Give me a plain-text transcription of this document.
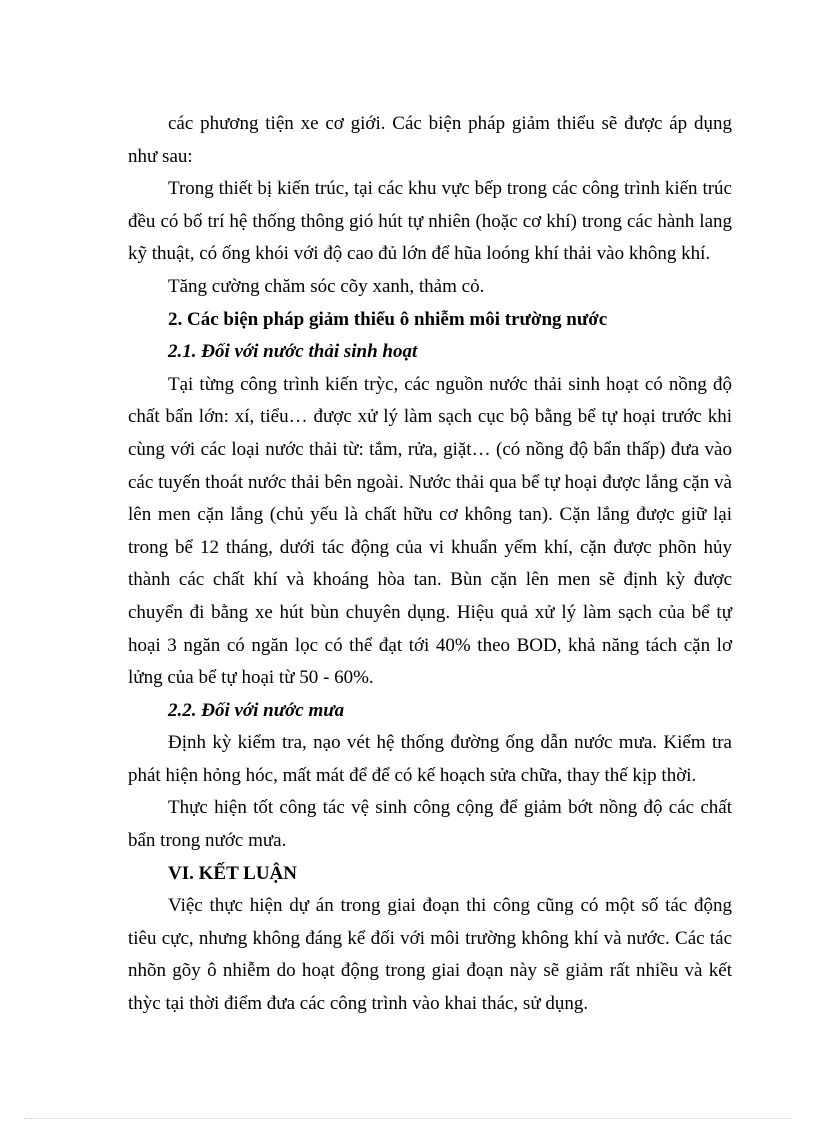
các phương tiện xe cơ giới. Các biện pháp giảm thiểu sẽ được áp dụng như sau:

Trong thiết bị kiến trúc, tại các khu vực bếp trong các công trình kiến trúc đều có bố trí hệ thống thông gió hút tự nhiên (hoặc cơ khí) trong các hành lang kỹ thuật, có ống khói với độ cao đủ lớn để hũa loóng khí thải vào không khí.

Tăng cường chăm sóc cõy xanh, thảm cỏ.

2. Các biện pháp giảm thiểu ô nhiễm môi trường nước

2.1. Đối với nước thải sinh hoạt

Tại từng công trình kiến trỳc, các nguồn nước thải sinh hoạt có nồng độ chất bẩn lớn: xí, tiểu… được xử lý làm sạch cục bộ bằng bể tự hoại trước khi cùng với các loại nước thải từ: tắm, rửa, giặt… (có nồng độ bẩn thấp) đưa vào các tuyến thoát nước thải bên ngoài. Nước thải qua bể tự hoại được lắng cặn và lên men cặn lắng (chủ yếu là chất hữu cơ không tan). Cặn lắng được giữ lại trong bể 12 tháng, dưới tác động của vi khuẩn yếm khí, cặn được phõn hủy thành các chất khí và khoáng hòa tan. Bùn cặn lên men sẽ định kỳ được chuyển đi bằng xe hút bùn chuyên dụng. Hiệu quả xử lý làm sạch của bể tự hoại 3 ngăn có ngăn lọc có thể đạt tới 40% theo BOD, khả năng tách cặn lơ lửng của bể tự hoại từ 50 - 60%.

2.2. Đối với nước mưa

Định kỳ kiểm tra, nạo vét hệ thống đường ống dẫn nước mưa. Kiểm tra phát hiện hỏng hóc, mất mát để để có kế hoạch sửa chữa, thay thế kịp thời.

Thực hiện tốt công tác vệ sinh công cộng để giảm bớt nồng độ các chất bẩn trong nước mưa.

VI. KẾT LUẬN

Việc thực hiện dự án trong giai đoạn thi công cũng có một số tác động tiêu cực, nhưng không đáng kể đối với môi trường không khí và nước. Các tác nhõn gõy ô nhiễm do hoạt động trong giai đoạn này sẽ giảm rất nhiều và kết thỳc tại thời điểm đưa các công trình vào khai thác, sử dụng.
